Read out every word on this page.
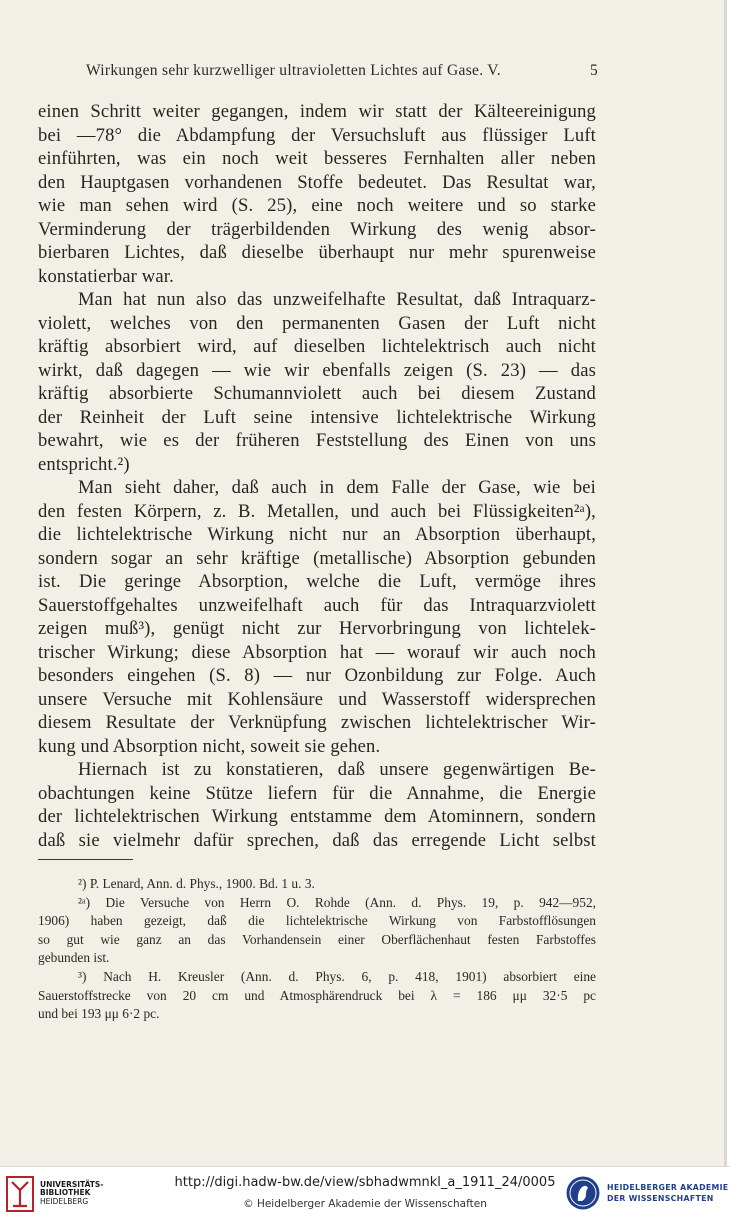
Wirkungen sehr kurzwelliger ultravioletten Lichtes auf Gase. V.	5
einen Schritt weiter gegangen, indem wir statt der Kälteereinigung
bei —78° die Abdampfung der Versuchsluft aus flüssiger Luft
einführten, was ein noch weit besseres Fernhalten aller neben
den Hauptgasen vorhandenen Stoffe bedeutet. Das Resultat war,
wie man sehen wird (S. 25), eine noch weitere und so starke
Verminderung der trägerbildenden Wirkung des wenig absor-
bierbaren Lichtes, daß dieselbe überhaupt nur mehr spurenweise
konstatierbar war.
Man hat nun also das unzweifelhafte Resultat, daß Intraquarz-
violett, welches von den permanenten Gasen der Luft nicht
kräftig absorbiert wird, auf dieselben lichtelektrisch auch nicht
wirkt, daß dagegen — wie wir ebenfalls zeigen (S. 23) — das
kräftig absorbierte Schumannviolett auch bei diesem Zustand
der Reinheit der Luft seine intensive lichtelektrische Wirkung
bewahrt, wie es der früheren Feststellung des Einen von uns
entspricht.²)
Man sieht daher, daß auch in dem Falle der Gase, wie bei
den festen Körpern, z. B. Metallen, und auch bei Flüssigkeiten²ᵃ),
die lichtelektrische Wirkung nicht nur an Absorption überhaupt,
sondern sogar an sehr kräftige (metallische) Absorption gebunden
ist. Die geringe Absorption, welche die Luft, vermöge ihres
Sauerstoffgehaltes unzweifelhaft auch für das Intraquarzviolett
zeigen muß³), genügt nicht zur Hervorbringung von lichtelek-
trischer Wirkung; diese Absorption hat — worauf wir auch noch
besonders eingehen (S. 8) — nur Ozonbildung zur Folge. Auch
unsere Versuche mit Kohlensäure und Wasserstoff widersprechen
diesem Resultate der Verknüpfung zwischen lichtelektrischer Wir-
kung und Absorption nicht, soweit sie gehen.
Hiernach ist zu konstatieren, daß unsere gegenwärtigen Be-
obachtungen keine Stütze liefern für die Annahme, die Energie
der lichtelektrischen Wirkung entstamme dem Atominnern, sondern
daß sie vielmehr dafür sprechen, daß das erregende Licht selbst
²) P. Lenard, Ann. d. Phys., 1900. Bd. 1 u. 3.
²ᵃ) Die Versuche von Herrn O. Rohde (Ann. d. Phys. 19, p. 942—952,
1906) haben gezeigt, daß die lichtelektrische Wirkung von Farbstofflösungen
so gut wie ganz an das Vorhandensein einer Oberflächenhaut festen Farbstoffes
gebunden ist.
³) Nach H. Kreusler (Ann. d. Phys. 6, p. 418, 1901) absorbiert eine
Sauerstoffstrecke von 20 cm und Atmosphärendruck bei λ = 186 μμ 32·5 pc
und bei 193 μμ 6·2 pc.
UNIVERSITÄTS-
BIBLIOTHEK
HEIDELBERG
http://digi.hadw-bw.de/view/sbhadwmnkl_a_1911_24/0005
© Heidelberger Akademie der Wissenschaften
HEIDELBERGER AKADEMIE
DER WISSENSCHAFTEN
